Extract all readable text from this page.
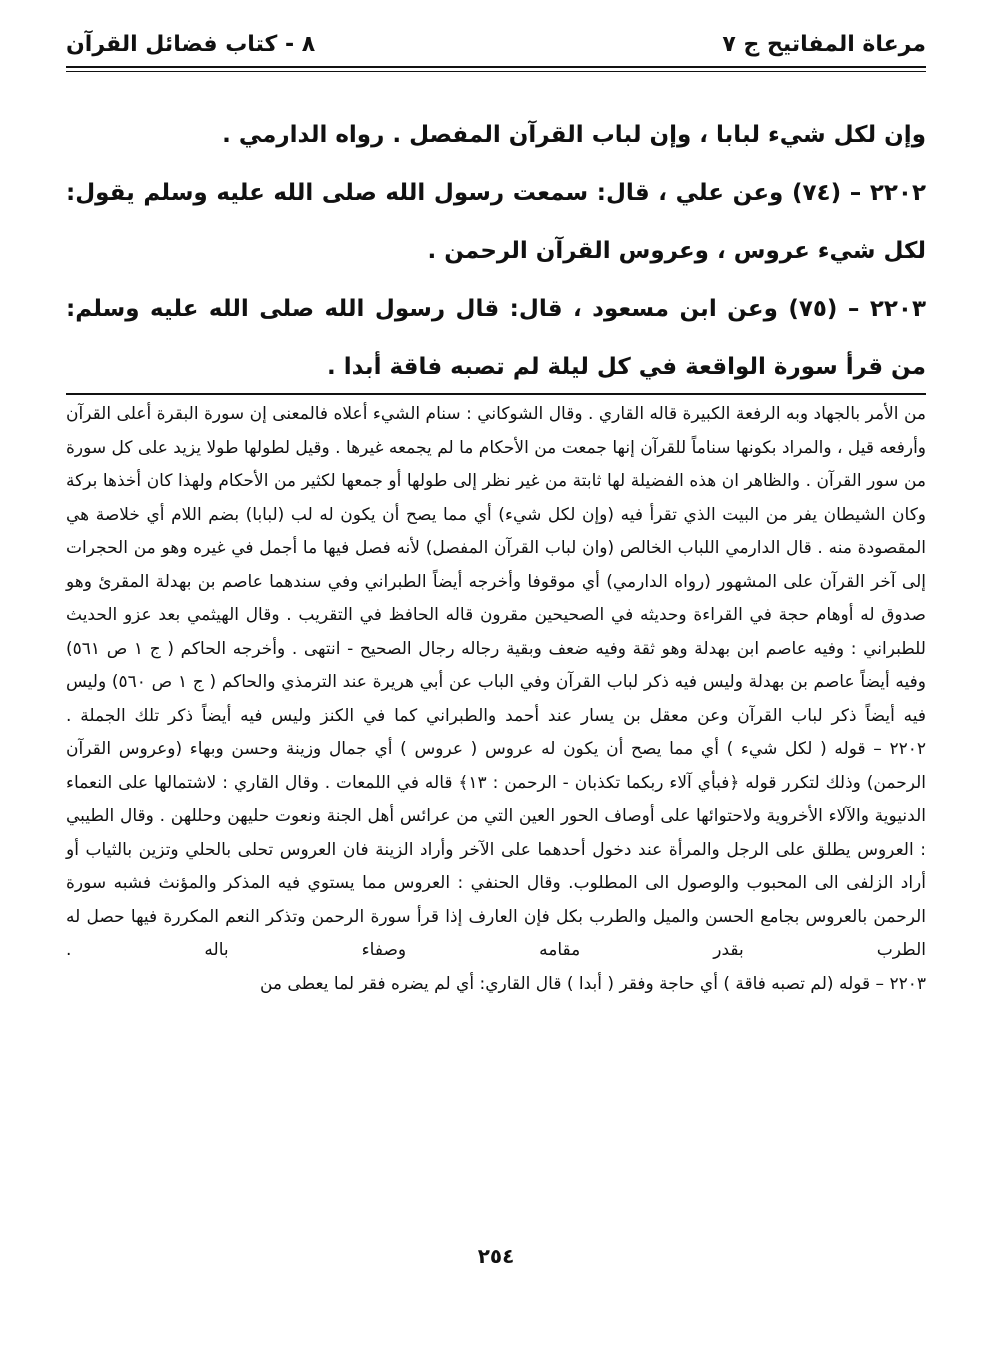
مرعاة المفاتيح ج ٧
٨ - كتاب فضائل القرآن

وإن لكل شيء لبابا ، وإن لباب القرآن المفصل . رواه الدارمي .

٢٢٠٢ – (٧٤) وعن علي ، قال: سمعت رسول الله صلى الله عليه وسلم يقول: لكل شيء عروس ، وعروس القرآن الرحمن .

٢٢٠٣ – (٧٥) وعن ابن مسعود ، قال: قال رسول الله صلى الله عليه وسلم: من قرأ سورة الواقعة في كل ليلة لم تصبه فاقة أبدا .

من الأمر بالجهاد وبه الرفعة الكبيرة قاله القاري . وقال الشوكاني : سنام الشيء أعلاه فالمعنى إن سورة البقرة أعلى القرآن وأرفعه قيل ، والمراد بكونها سناماً للقرآن إنها جمعت من الأحكام ما لم يجمعه غيرها . وقيل لطولها طولا يزيد على كل سورة من سور القرآن . والظاهر ان هذه الفضيلة لها ثابتة من غير نظر إلى طولها أو جمعها لكثير من الأحكام ولهذا كان أخذها بركة وكان الشيطان يفر من البيت الذي تقرأ فيه (وإن لكل شيء) أي مما يصح أن يكون له لب (لبابا) بضم اللام أي خلاصة هي المقصودة منه . قال الدارمي اللباب الخالص (وان لباب القرآن المفصل) لأنه فصل فيها ما أجمل في غيره وهو من الحجرات إلى آخر القرآن على المشهور (رواه الدارمي) أي موقوفا وأخرجه أيضاً الطبراني وفي سندهما عاصم بن بهدلة المقرئ وهو صدوق له أوهام حجة في القراءة وحديثه في الصحيحين مقرون قاله الحافظ في التقريب . وقال الهيثمي بعد عزو الحديث للطبراني : وفيه عاصم ابن بهدلة وهو ثقة وفيه ضعف وبقية رجاله رجال الصحيح - انتهى . وأخرجه الحاكم ( ج ١ ص ٥٦١) وفيه أيضاً عاصم بن بهدلة وليس فيه ذكر لباب القرآن وفي الباب عن أبي هريرة عند الترمذي والحاكم ( ج ١ ص ٥٦٠) وليس فيه أيضاً ذكر لباب القرآن وعن معقل بن يسار عند أحمد والطبراني كما في الكنز وليس فيه أيضاً ذكر تلك الجملة .

٢٢٠٢ – قوله ( لكل شيء ) أي مما يصح أن يكون له عروس ( عروس ) أي جمال وزينة وحسن وبهاء (وعروس القرآن الرحمن) وذلك لتكرر قوله ﴿فبأي آلاء ربكما تكذبان - الرحمن : ١٣﴾ قاله في اللمعات . وقال القاري : لاشتمالها على النعماء الدنيوية والآلاء الأخروية ولاحتوائها على أوصاف الحور العين التي من عرائس أهل الجنة ونعوت حليهن وحللهن . وقال الطيبي : العروس يطلق على الرجل والمرأة عند دخول أحدهما على الآخر وأراد الزينة فان العروس تحلى بالحلي وتزين بالثياب أو أراد الزلفى الى المحبوب والوصول الى المطلوب. وقال الحنفي : العروس مما يستوي فيه المذكر والمؤنث فشبه سورة الرحمن بالعروس بجامع الحسن والميل والطرب بكل فإن العارف إذا قرأ سورة الرحمن وتذكر النعم المكررة فيها حصل له الطرب بقدر مقامه وصفاء باله .

٢٢٠٣ – قوله (لم تصبه فاقة ) أي حاجة وفقر ( أبدا ) قال القاري: أي لم يضره فقر لما يعطى من

٢٥٤
